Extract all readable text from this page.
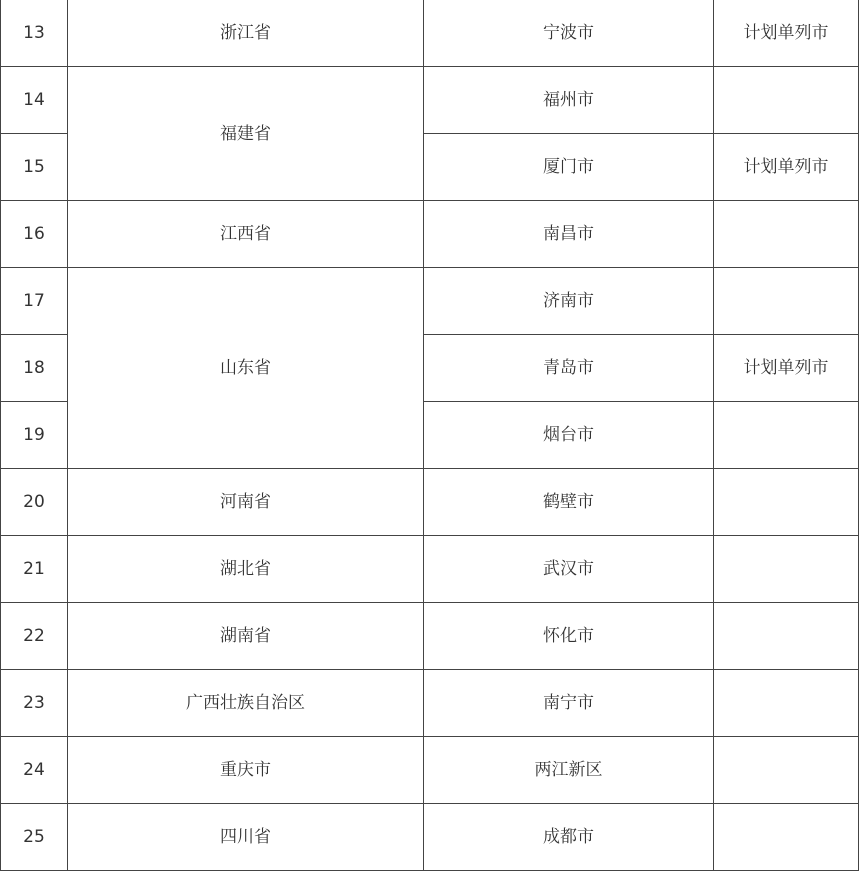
13	浙江省	宁波市	计划单列市
14	福建省	福州市	
15		厦门市	计划单列市
16	江西省	南昌市	
17	山东省	济南市	
18		青岛市	计划单列市
19		烟台市	
20	河南省	鹤壁市	
21	湖北省	武汉市	
22	湖南省	怀化市	
23	广西壮族自治区	南宁市	
24	重庆市	两江新区	
25	四川省	成都市	
